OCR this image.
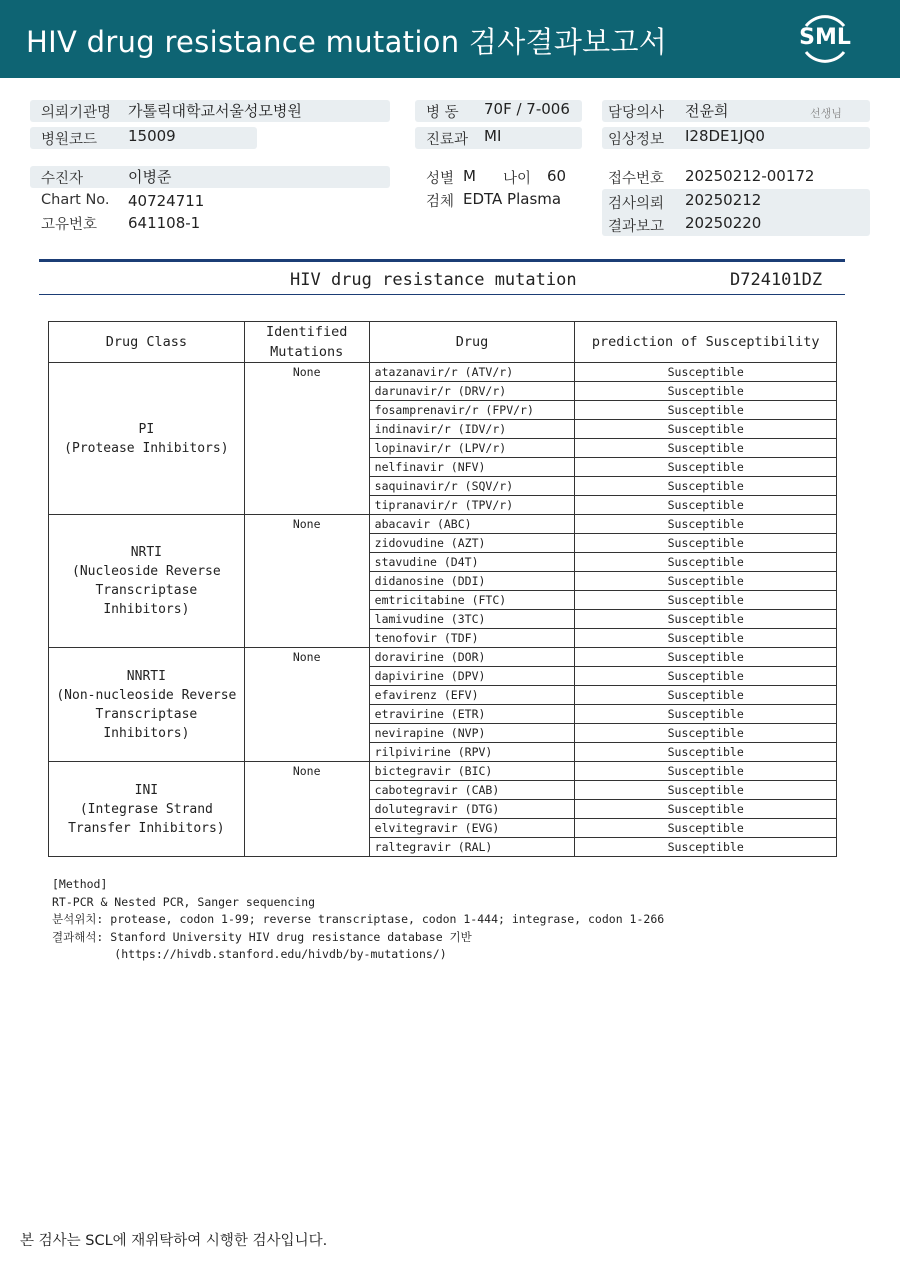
HIV drug resistance mutation 검사결과보고서	SML
의뢰기관명 가톨릭대학교서울성모병원
병원코드 15009
병 동 70F / 7-006
진료과 MI
담당의사 전윤희	선생님
임상정보 I28DE1JQ0
수진자	이병준
Chart No. 40724711
고유번호 641108-1
성별 M 나이 60
검체 EDTA Plasma
접수번호 20250212-00172
검사의뢰 20250212
결과보고 20250220
HIV drug resistance mutation	D724101DZ
Drug Class	Identified Mutations	Drug	prediction of Susceptibility

PI
(Protease Inhibitors)	None	atazanavir/r (ATV/r)	Susceptible
		darunavir/r (DRV/r)	Susceptible
		fosamprenavir/r (FPV/r)	Susceptible
		indinavir/r (IDV/r)	Susceptible
		lopinavir/r (LPV/r)	Susceptible
		nelfinavir (NFV)	Susceptible
		saquinavir/r (SQV/r)	Susceptible
		tipranavir/r (TPV/r)	Susceptible

NRTI
(Nucleoside Reverse
Transcriptase Inhibitors)	None	abacavir (ABC)	Susceptible
		zidovudine (AZT)	Susceptible
		stavudine (D4T)	Susceptible
		didanosine (DDI)	Susceptible
		emtricitabine (FTC)	Susceptible
		lamivudine (3TC)	Susceptible
		tenofovir (TDF)	Susceptible

NNRTI
(Non-nucleoside Reverse
Transcriptase Inhibitors)	None	doravirine (DOR)	Susceptible
		dapivirine (DPV)	Susceptible
		efavirenz (EFV)	Susceptible
		etravirine (ETR)	Susceptible
		nevirapine (NVP)	Susceptible
		rilpivirine (RPV)	Susceptible

INI
(Integrase Strand
Transfer Inhibitors)	None	bictegravir (BIC)	Susceptible
		cabotegravir (CAB)	Susceptible
		dolutegravir (DTG)	Susceptible
		elvitegravir (EVG)	Susceptible
		raltegravir (RAL)	Susceptible
[Method]
RT-PCR & Nested PCR, Sanger sequencing
분석위치: protease, codon 1-99; reverse transcriptase, codon 1-444; integrase, codon 1-266
결과해석: Stanford University HIV drug resistance database 기반
(https://hivdb.stanford.edu/hivdb/by-mutations/)
본 검사는 SCL에 재위탁하여 시행한 검사입니다.
